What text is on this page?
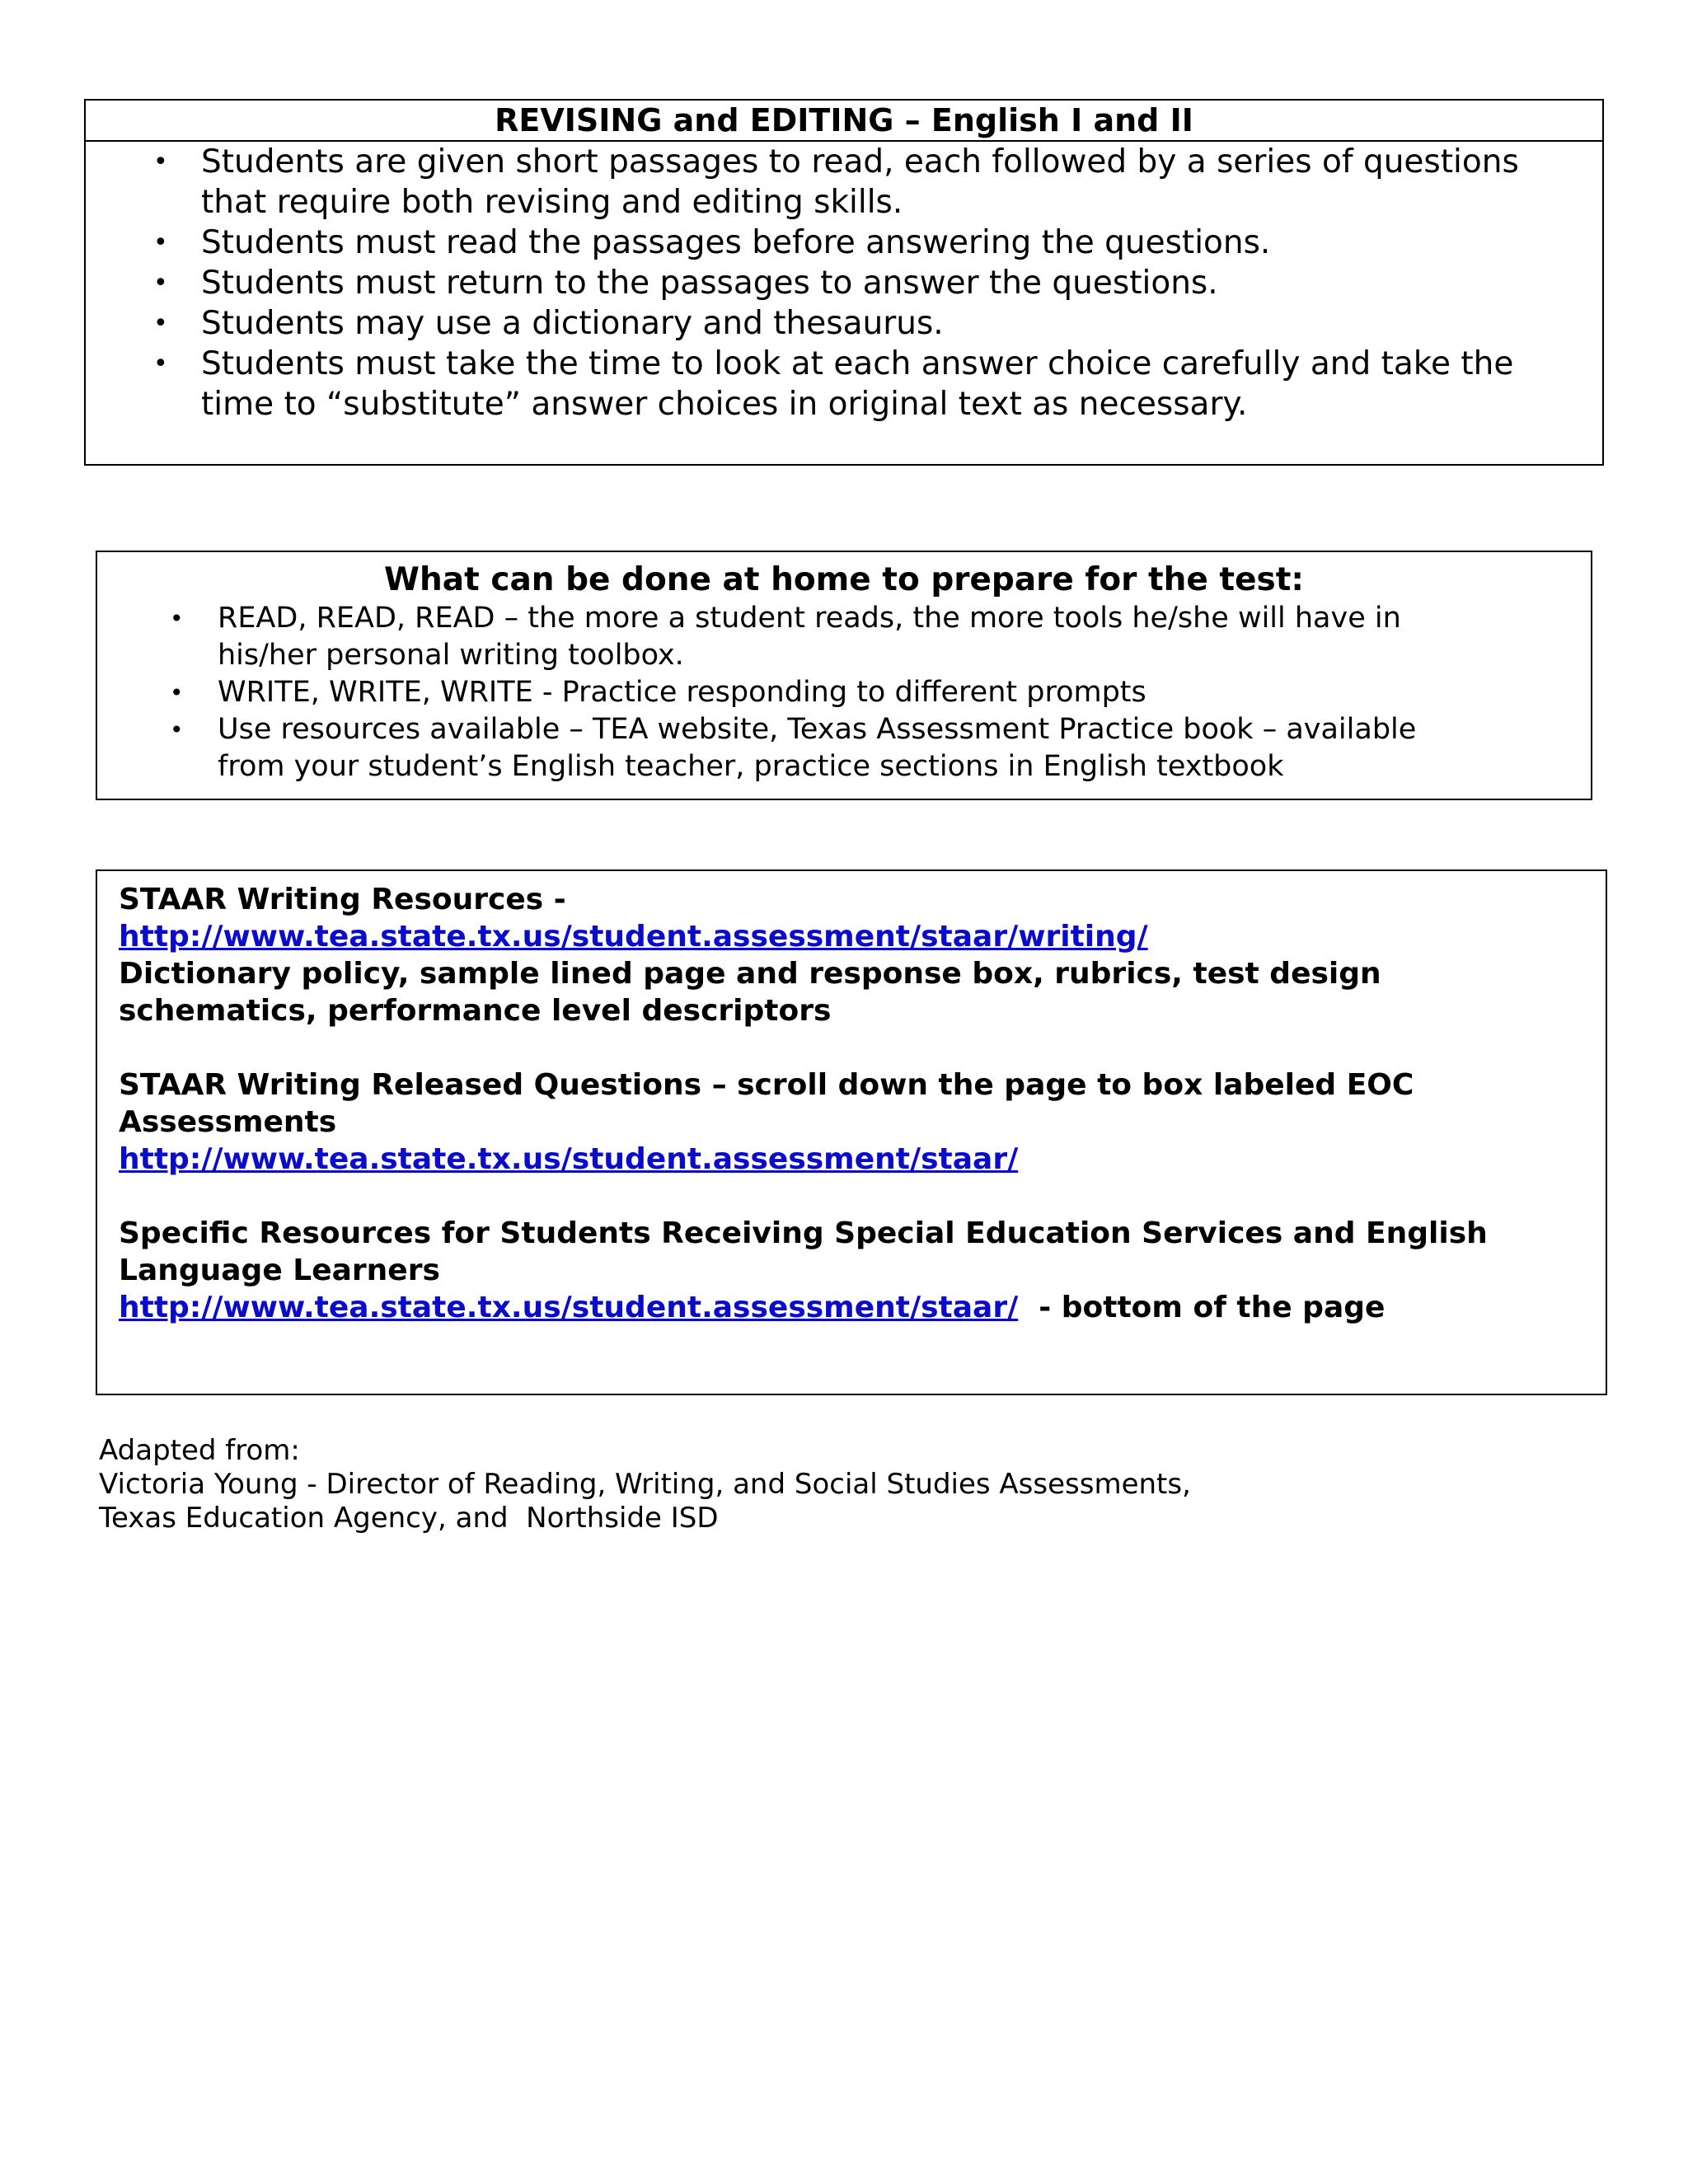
REVISING and EDITING – English I and II
• Students are given short passages to read, each followed by a series of questions
that require both revising and editing skills.
• Students must read the passages before answering the questions.
• Students must return to the passages to answer the questions.
• Students may use a dictionary and thesaurus.
• Students must take the time to look at each answer choice carefully and take the
time to “substitute” answer choices in original text as necessary.
What can be done at home to prepare for the test:
• READ, READ, READ – the more a student reads, the more tools he/she will have in
his/her personal writing toolbox.
• WRITE, WRITE, WRITE - Practice responding to different prompts
• Use resources available – TEA website, Texas Assessment Practice book – available
from your student’s English teacher, practice sections in English textbook

STAAR Writing Resources -

http://www.tea.state.tx.us/student.assessment/staar/writing/

Dictionary policy, sample lined page and response box, rubrics, test design

schematics, performance level descriptors

STAAR Writing Released Questions – scroll down the page to box labeled EOC

Assessments

http://www.tea.state.tx.us/student.assessment/staar/

Specific Resources for Students Receiving Special Education Services and English

Language Learners

http://www.tea.state.tx.us/student.assessment/staar/  - bottom of the page

Adapted from:
Victoria Young - Director of Reading, Writing, and Social Studies Assessments,
Texas Education Agency, and  Northside ISD
